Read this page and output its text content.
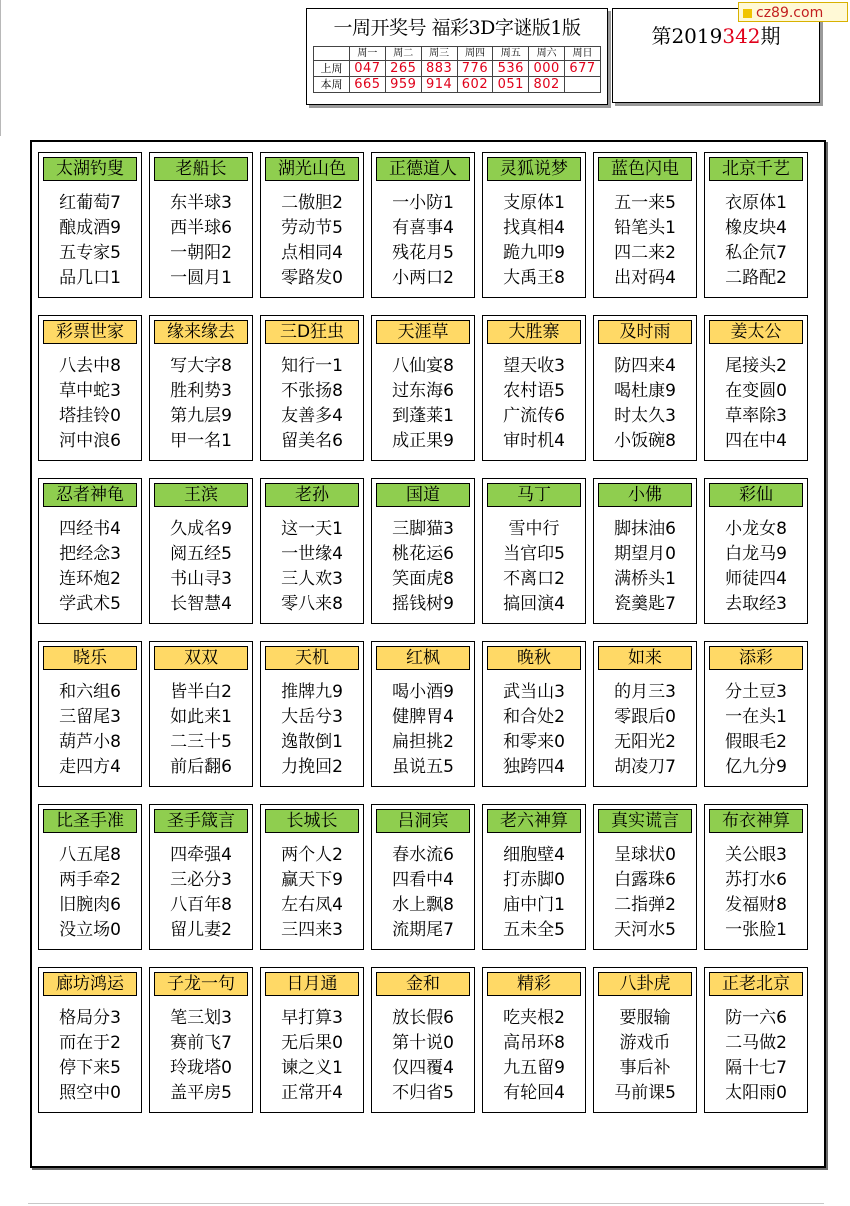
一周开奖号 福彩3D字谜版1版
	周一	周二	周三	周四	周五	周六	周日
上周	047	265	883	776	536	000	677
本周	665	959	914	602	051	802	
第2019342期
cz89.com
太湖钓叟
红葡萄7
酿成酒9
五专家5
品几口1
老船长
东半球3
西半球6
一朝阳2
一圆月1
湖光山色
二傲胆2
劳动节5
点相同4
零路发0
正德道人
一小防1
有喜事4
残花月5
小两口2
灵狐说梦
支原体1
找真相4
跪九叩9
大禹王8
蓝色闪电
五一来5
铅笔头1
四二来2
出对码4
北京千艺
衣原体1
橡皮块4
私企氘7
二路配2
彩票世家
八去中8
草中蛇3
塔挂铃0
河中浪6
缘来缘去
写大字8
胜利势3
第九层9
甲一名1
三D狂虫
知行一1
不张扬8
友善多4
留美名6
天涯草
八仙宴8
过东海6
到蓬莱1
成正果9
大胜寨
望天收3
农村语5
广流传6
审时机4
及时雨
防四来4
喝杜康9
时太久3
小饭碗8
姜太公
尾接头2
在变圆0
草率除3
四在中4
忍者神龟
四经书4
把经念3
连环炮2
学武术5
王滨
久成名9
阅五经5
书山寻3
长智慧4
老孙
这一天1
一世缘4
三人欢3
零八来8
国道
三脚猫3
桃花运6
笑面虎8
摇钱树9
马丁
雪中行
当官印5
不离口2
搞回演4
小佛
脚抹油6
期望月0
满桥头1
瓷羹匙7
彩仙
小龙女8
白龙马9
师徒四4
去取经3
晓乐
和六组6
三留尾3
葫芦小8
走四方4
双双
皆半白2
如此来1
二三十5
前后翻6
天机
推牌九9
大岳兮3
逸散倒1
力挽回2
红枫
喝小酒9
健脾胃4
扁担挑2
虽说五5
晚秋
武当山3
和合处2
和零来0
独跨四4
如来
的月三3
零跟后0
无阳光2
胡凌刀7
添彩
分土豆3
一在头1
假眼毛2
亿九分9
比圣手准
八五尾8
两手牵2
旧腕肉6
没立场0
圣手箴言
四牵强4
三必分3
八百年8
留儿妻2
长城长
两个人2
赢天下9
左右凤4
三四来3
吕洞宾
春水流6
四看中4
水上飘8
流期尾7
老六神算
细胞壁4
打赤脚0
庙中门1
五未全5
真实谎言
呈球状0
白露珠6
二指弹2
天河水5
布衣神算
关公眼3
苏打水6
发福财8
一张脸1
廊坊鸿运
格局分3
而在于2
停下来5
照空中0
子龙一句
笔三划3
赛前飞7
玲珑塔0
盖平房5
日月通
早打算3
无后果0
谏之义1
正常开4
金和
放长假6
第十说0
仅四覆4
不归省5
精彩
吃夹根2
高吊环8
九五留9
有轮回4
八卦虎
要服输
游戏币
事后补
马前课5
正老北京
防一六6
二马做2
隔十七7
太阳雨0
